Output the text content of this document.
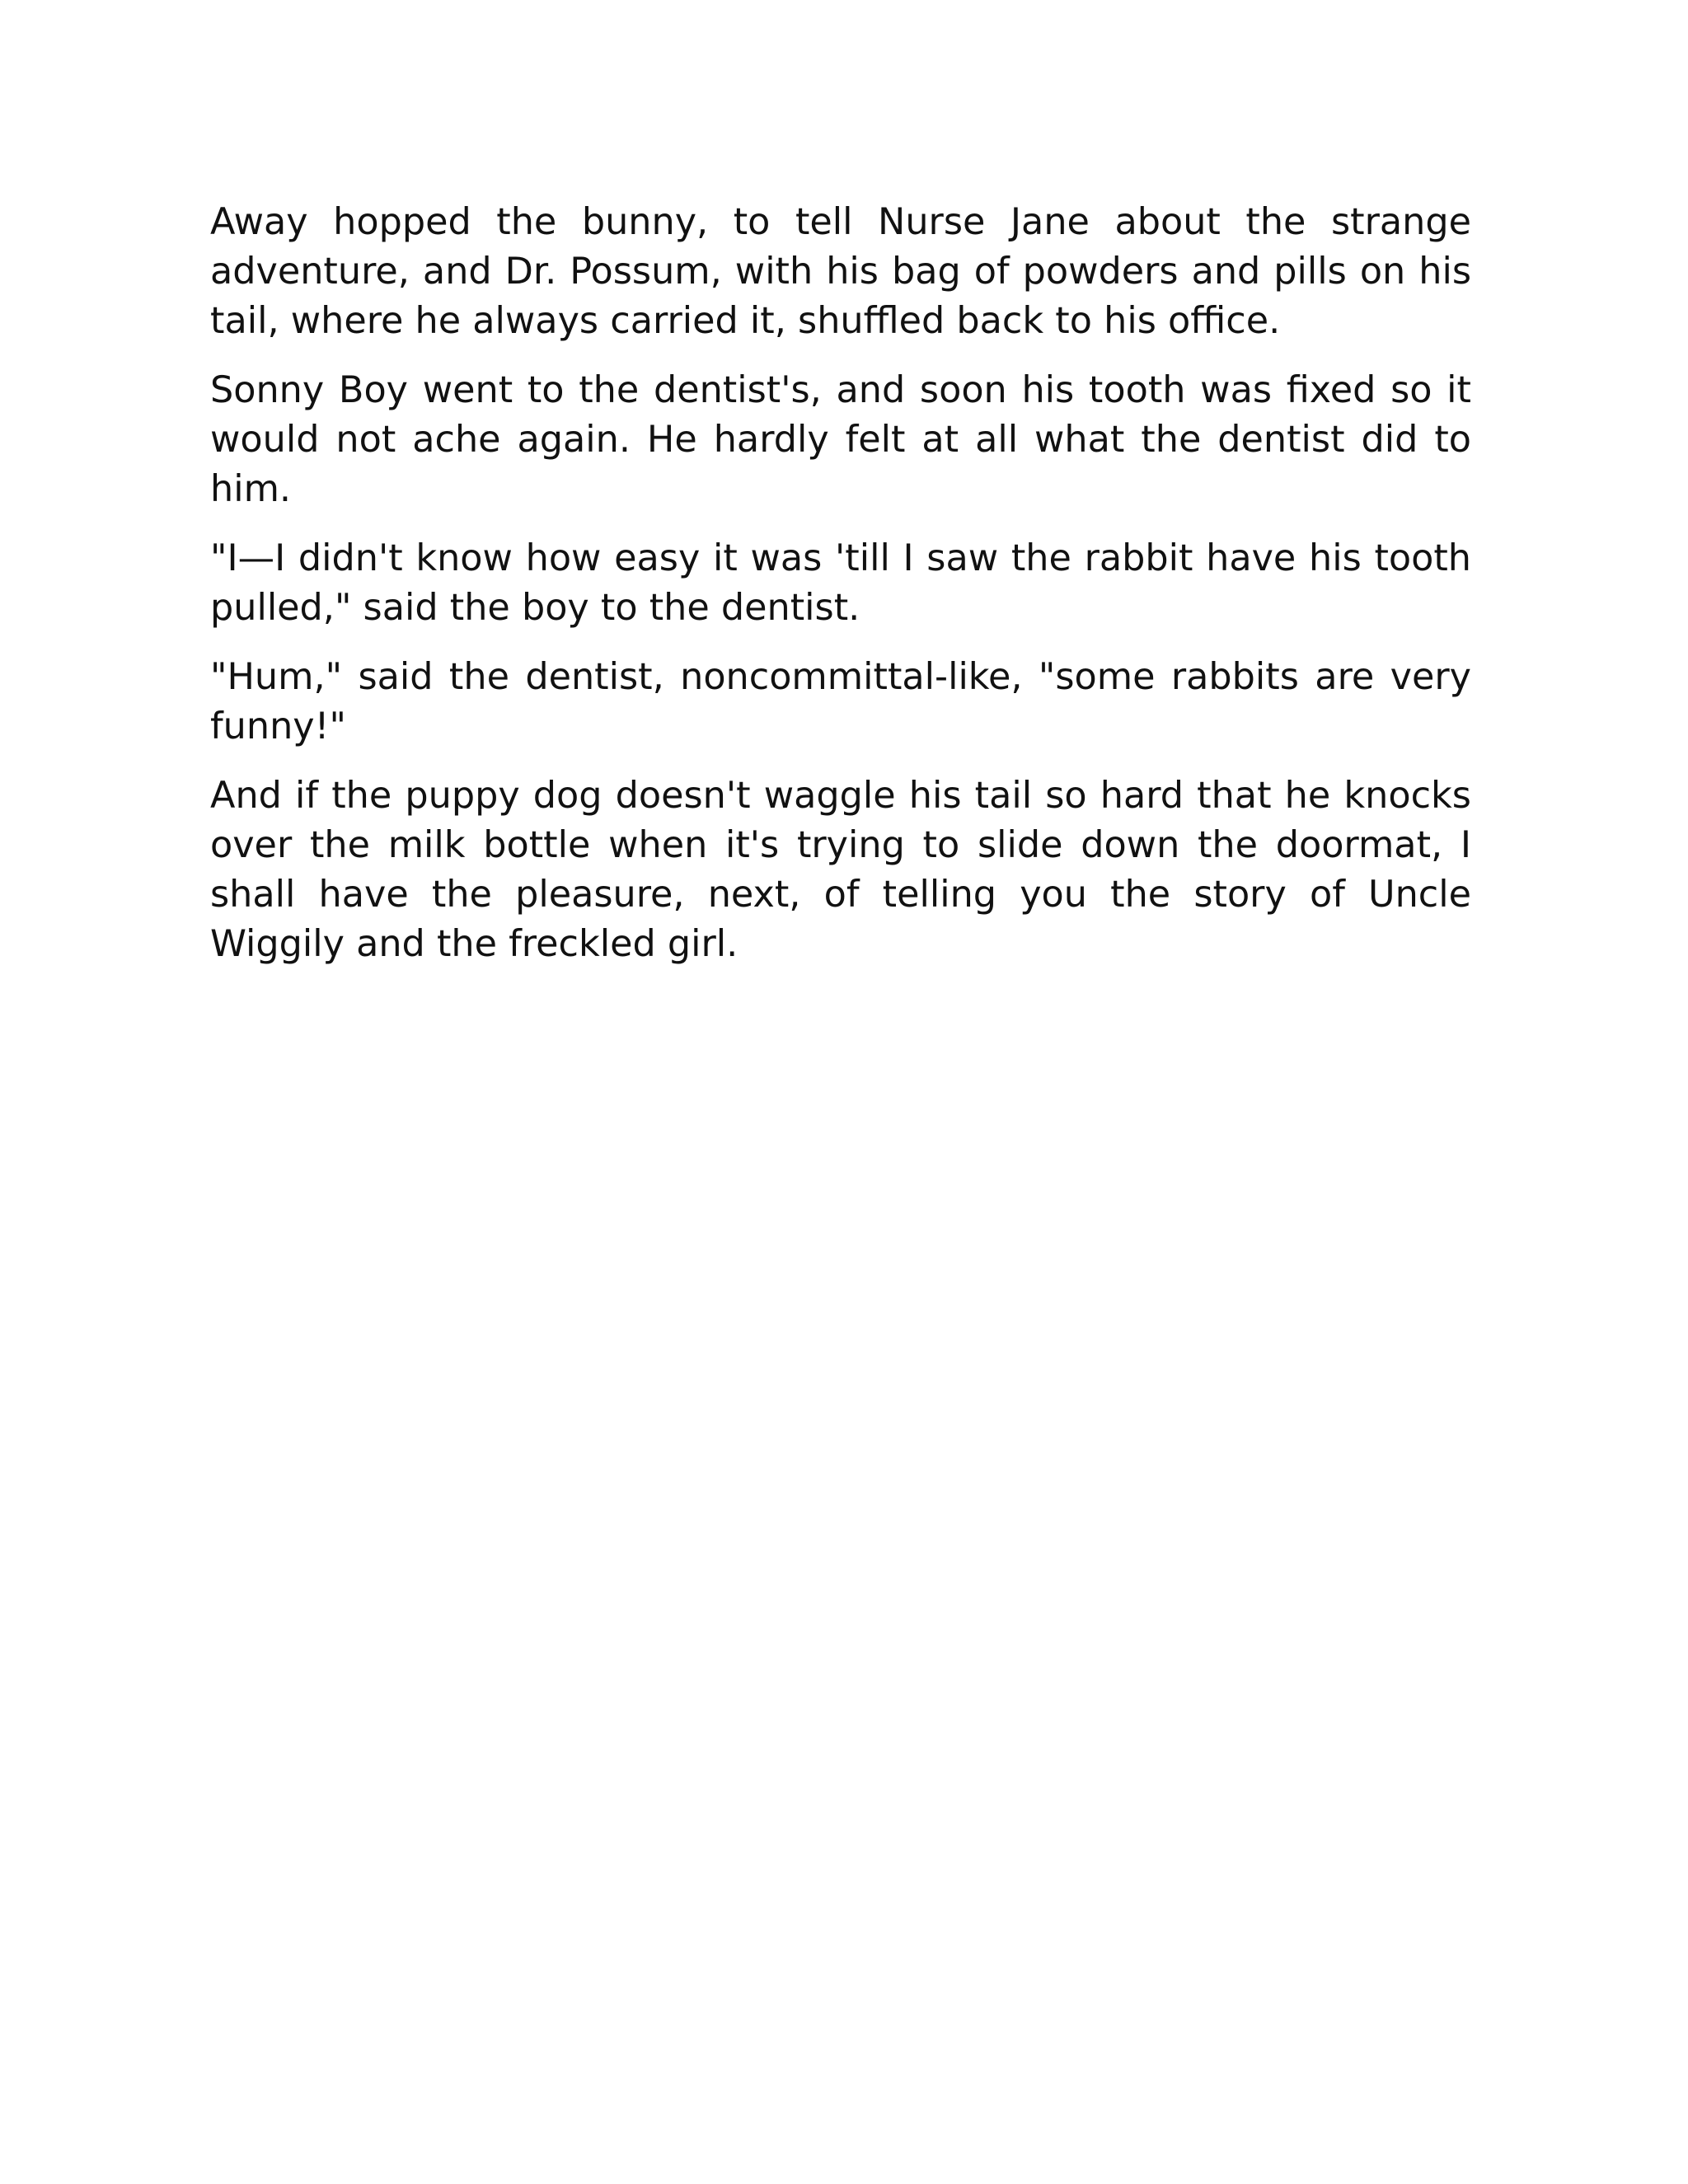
Away hopped the bunny, to tell Nurse Jane about the strange adventure, and Dr. Possum, with his bag of powders and pills on his tail, where he always carried it, shuffled back to his office.

Sonny Boy went to the dentist's, and soon his tooth was fixed so it would not ache again. He hardly felt at all what the dentist did to him.

"I—I didn't know how easy it was 'till I saw the rabbit have his tooth pulled," said the boy to the dentist.

"Hum," said the dentist, noncommittal-like, "some rabbits are very funny!"

And if the puppy dog doesn't waggle his tail so hard that he knocks over the milk bottle when it's trying to slide down the doormat, I shall have the pleasure, next, of telling you the story of Uncle Wiggily and the freckled girl.
